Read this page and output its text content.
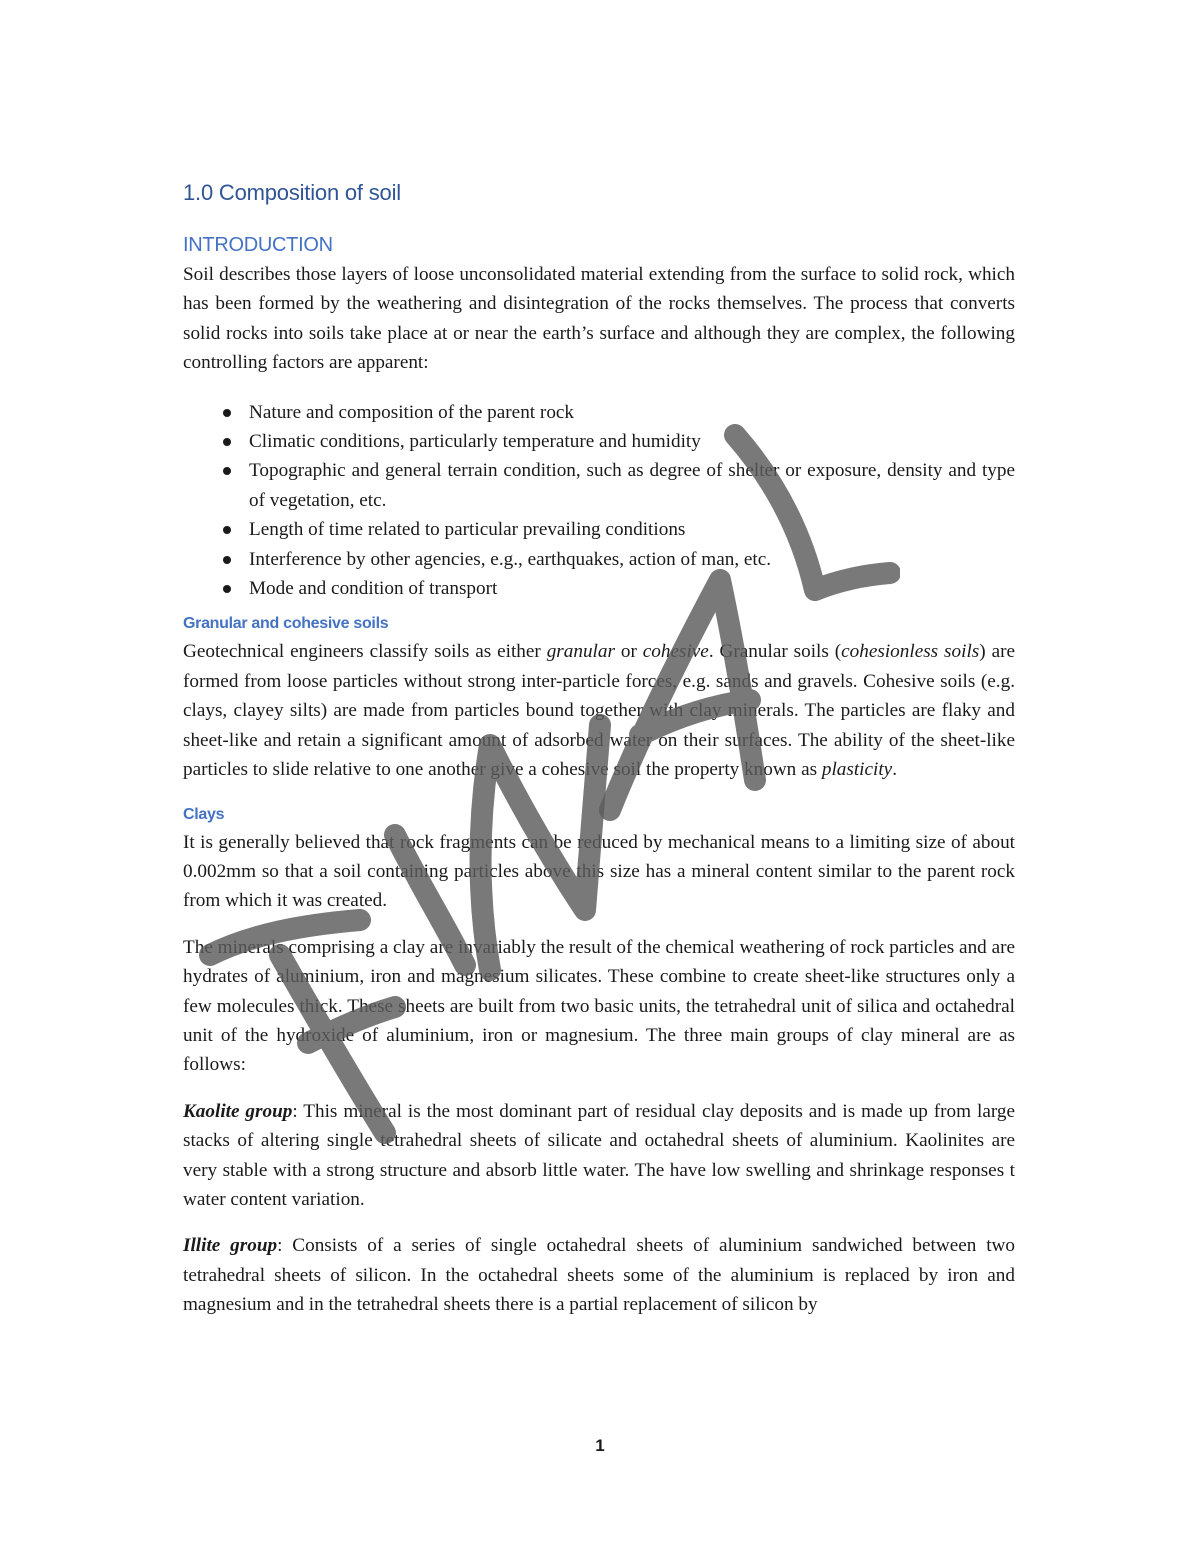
1.0 Composition of soil
INTRODUCTION

Soil describes those layers of loose unconsolidated material extending from the surface to solid rock, which has been formed by the weathering and disintegration of the rocks themselves. The process that converts solid rocks into soils take place at or near the earth’s surface and although they are complex, the following controlling factors are apparent:

Nature and composition of the parent rock
Climatic conditions, particularly temperature and humidity
Topographic and general terrain condition, such as degree of shelter or exposure, density and type of vegetation, etc.
Length of time related to particular prevailing conditions
Interference by other agencies, e.g., earthquakes, action of man, etc.
Mode and condition of transport
Granular and cohesive soils

Geotechnical engineers classify soils as either granular or cohesive. Granular soils (cohesionless soils) are formed from loose particles without strong inter-particle forces, e.g. sands and gravels. Cohesive soils (e.g. clays, clayey silts) are made from particles bound together with clay minerals. The particles are flaky and sheet-like and retain a significant amount of adsorbed water on their surfaces. The ability of the sheet-like particles to slide relative to one another give a cohesive soil the property known as plasticity.

Clays

It is generally believed that rock fragments can be reduced by mechanical means to a limiting size of about 0.002mm so that a soil containing particles above this size has a mineral content similar to the parent rock from which it was created.

The minerals comprising a clay are invariably the result of the chemical weathering of rock particles and are hydrates of aluminium, iron and magnesium silicates. These combine to create sheet-like structures only a few molecules thick. These sheets are built from two basic units, the tetrahedral unit of silica and octahedral unit of the hydroxide of aluminium, iron or magnesium. The three main groups of clay mineral are as follows:

Kaolite group: This mineral is the most dominant part of residual clay deposits and is made up from large stacks of altering single tetrahedral sheets of silicate and octahedral sheets of aluminium. Kaolinites are very stable with a strong structure and absorb little water. The have low swelling and shrinkage responses t water content variation.

Illite group: Consists of a series of single octahedral sheets of aluminium sandwiched between two tetrahedral sheets of silicon. In the octahedral sheets some of the aluminium is replaced by iron and magnesium and in the tetrahedral sheets there is a partial replacement of silicon by

1
